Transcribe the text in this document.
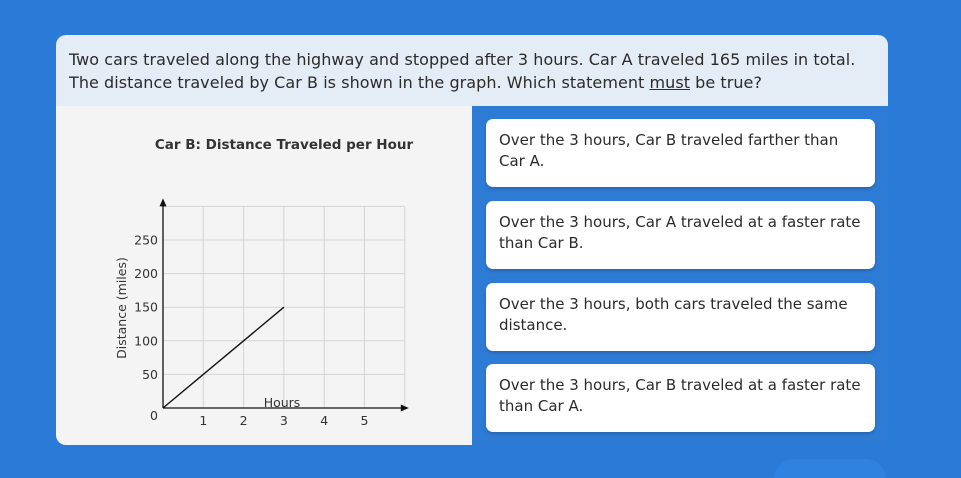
Two cars traveled along the highway and stopped after 3 hours. Car A traveled 165 miles in total. The distance traveled by Car B is shown in the graph. Which statement must be true?
Car B: Distance Traveled per Hour
1	2	3	4	5
50
100
150
200
250
0
Hours
Distance (miles)
Over the 3 hours, Car B traveled farther than Car A.
Over the 3 hours, Car A traveled at a faster rate than Car B.
Over the 3 hours, both cars traveled the same distance.
Over the 3 hours, Car B traveled at a faster rate than Car A.
